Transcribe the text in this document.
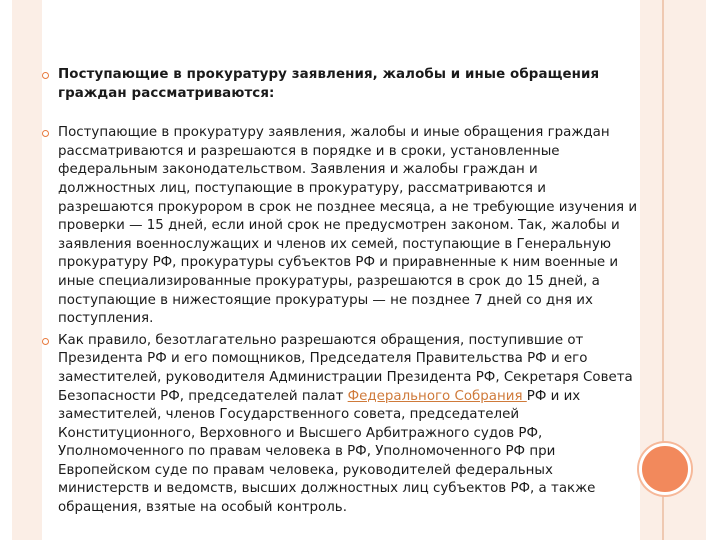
Поступающие в прокуратуру заявления, жалобы и иные обращения граждан рассматриваются:

Поступающие в прокуратуру заявления, жалобы и иные обращения граждан рассматриваются и разрешаются в порядке и в сроки, установленные федеральным законодательством. Заявления и жалобы граждан и должностных лиц, поступающие в прокуратуру, рассматриваются и разрешаются прокурором в срок не позднее месяца, а не требующие изучения и проверки — 15 дней, если иной срок не предусмотрен законом. Так, жалобы и заявления военнослужащих и членов их семей, поступающие в Генеральную прокуратуру РФ, прокуратуры субъектов РФ и приравненные к ним военные и иные специализированные прокуратуры, разрешаются в срок до 15 дней, а поступающие в нижестоящие прокуратуры — не позднее 7 дней со дня их поступления.

Как правило, безотлагательно разрешаются обращения, поступившие от Президента РФ и его помощников, Председателя Правительства РФ и его заместителей, руководителя Администрации Президента РФ, Секретаря Совета Безопасности РФ, председателей палат Федерального Собрания РФ и их заместителей, членов Государственного совета, председателей Конституционного, Верховного и Высшего Арбитражного судов РФ, Уполномоченного по правам человека в РФ, Уполномоченного РФ при Европейском суде по правам человека, руководителей федеральных министерств и ведомств, высших должностных лиц субъектов РФ, а также обращения, взятые на особый контроль.
